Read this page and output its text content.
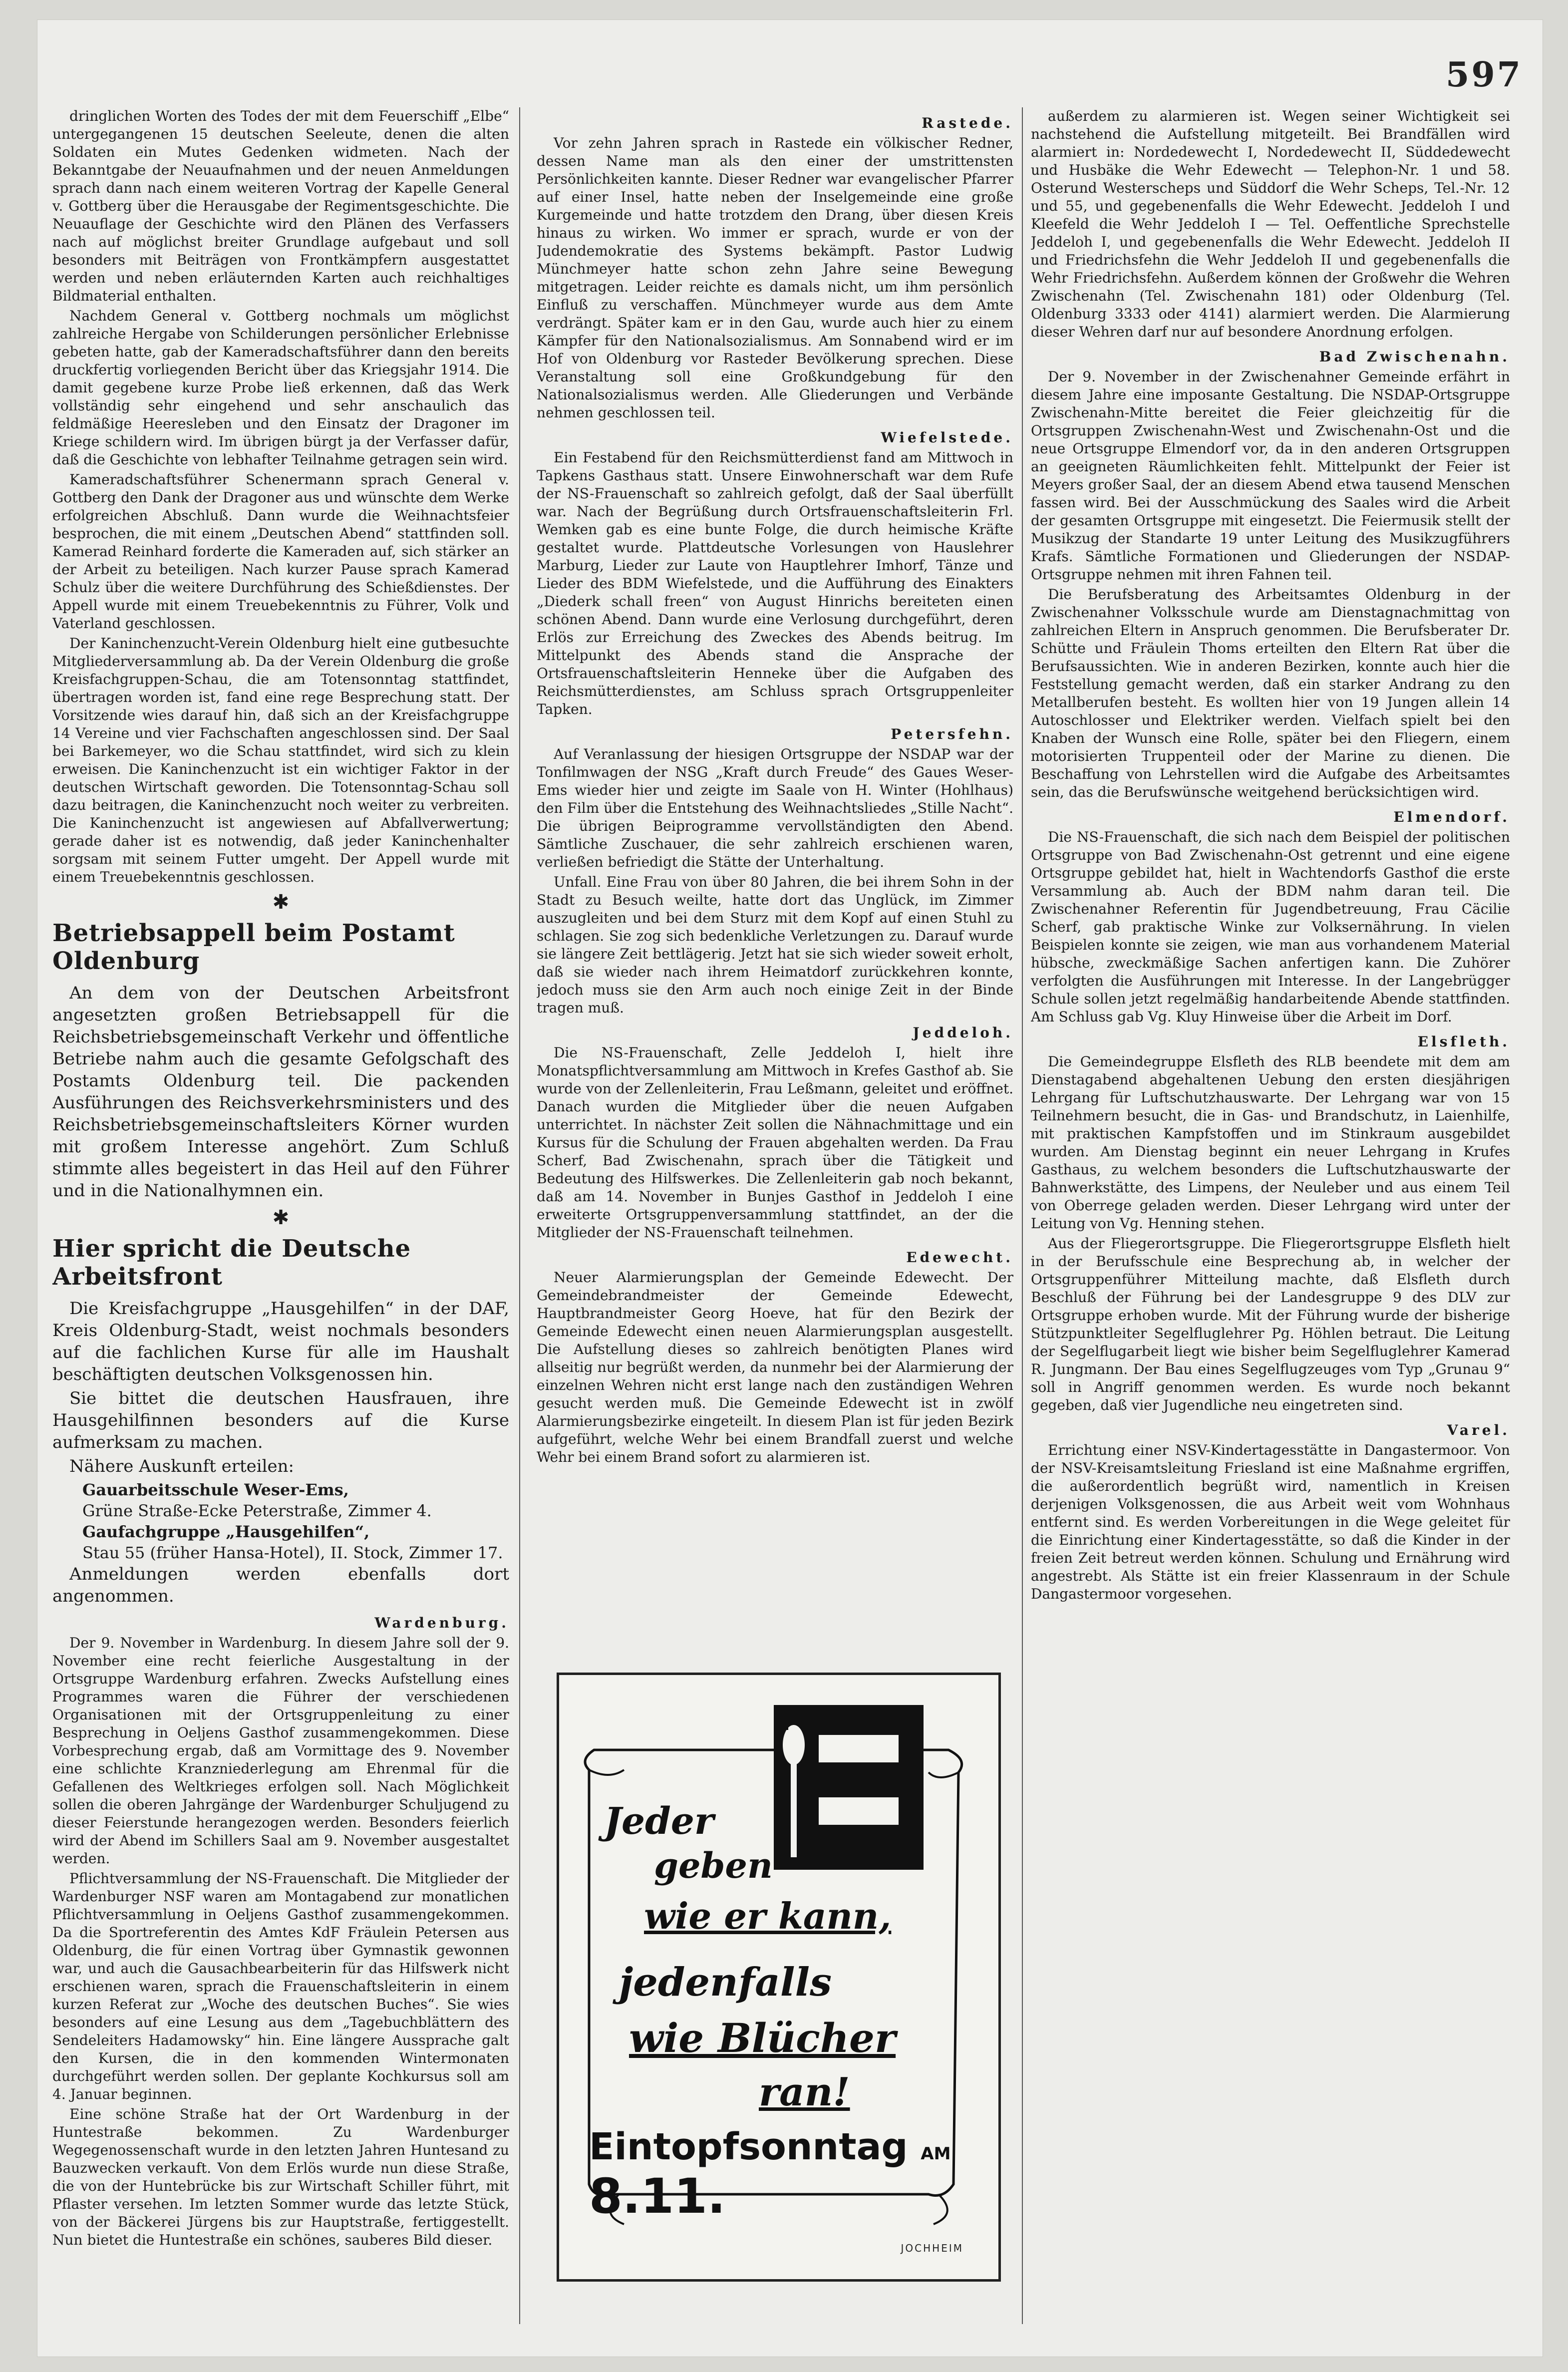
597

dringlichen Worten des Todes der mit dem Feuerschiff „Elbe“ untergegangenen 15 deutschen Seeleute, denen die alten Soldaten ein Mutes Gedenken widmeten. Nach der Bekanntgabe der Neuaufnahmen und der neuen Anmeldungen sprach dann nach einem weiteren Vortrag der Kapelle General v. Gottberg über die Herausgabe der Regimentsgeschichte. Die Neuauflage der Geschichte wird den Plänen des Verfassers nach auf möglichst breiter Grundlage aufgebaut und soll besonders mit Beiträgen von Frontkämpfern ausgestattet werden und neben erläuternden Karten auch reichhaltiges Bildmaterial enthalten.

Nachdem General v. Gottberg nochmals um möglichst zahlreiche Hergabe von Schilderungen persönlicher Erlebnisse gebeten hatte, gab der Kameradschaftsführer dann den bereits druckfertig vorliegenden Bericht über das Kriegsjahr 1914. Die damit gegebene kurze Probe ließ erkennen, daß das Werk vollständig sehr eingehend und sehr anschaulich das feldmäßige Heeresleben und den Einsatz der Dragoner im Kriege schildern wird. Im übrigen bürgt ja der Verfasser dafür, daß die Geschichte von lebhafter Teilnahme getragen sein wird.

Kameradschaftsführer Schenermann sprach General v. Gottberg den Dank der Dragoner aus und wünschte dem Werke erfolgreichen Abschluß. Dann wurde die Weihnachtsfeier besprochen, die mit einem „Deutschen Abend“ stattfinden soll. Kamerad Reinhard forderte die Kameraden auf, sich stärker an der Arbeit zu beteiligen. Nach kurzer Pause sprach Kamerad Schulz über die weitere Durchführung des Schießdienstes. Der Appell wurde mit einem Treuebekenntnis zu Führer, Volk und Vaterland geschlossen.

Der Kaninchenzucht-Verein Oldenburg hielt eine gutbesuchte Mitgliederversammlung ab. Da der Verein Oldenburg die große Kreisfachgruppen-Schau, die am Totensonntag stattfindet, übertragen worden ist, fand eine rege Besprechung statt. Der Vorsitzende wies darauf hin, daß sich an der Kreisfachgruppe 14 Vereine und vier Fachschaften angeschlossen sind. Der Saal bei Barkemeyer, wo die Schau stattfindet, wird sich zu klein erweisen. Die Kaninchenzucht ist ein wichtiger Faktor in der deutschen Wirtschaft geworden. Die Totensonntag-Schau soll dazu beitragen, die Kaninchenzucht noch weiter zu verbreiten. Die Kaninchenzucht ist angewiesen auf Abfallverwertung; gerade daher ist es notwendig, daß jeder Kaninchenhalter sorgsam mit seinem Futter umgeht. Der Appell wurde mit einem Treuebekenntnis geschlossen.

✱
Betriebsappell beim Postamt Oldenburg

An dem von der Deutschen Arbeitsfront angesetzten großen Betriebsappell für die Reichsbetriebsgemeinschaft Verkehr und öffentliche Betriebe nahm auch die gesamte Gefolgschaft des Postamts Oldenburg teil. Die packenden Ausführungen des Reichsverkehrsministers und des Reichsbetriebsgemeinschaftsleiters Körner wurden mit großem Interesse angehört. Zum Schluß stimmte alles begeistert in das Heil auf den Führer und in die Nationalhymnen ein.

✱
Hier spricht die Deutsche Arbeitsfront

Die Kreisfachgruppe „Hausgehilfen“ in der DAF, Kreis Oldenburg-Stadt, weist nochmals besonders auf die fachlichen Kurse für alle im Haushalt beschäftigten deutschen Volksgenossen hin.

Sie bittet die deutschen Hausfrauen, ihre Hausgehilfinnen besonders auf die Kurse aufmerksam zu machen.

Nähere Auskunft erteilen:

Gauarbeitsschule Weser-Ems,
Grüne Straße-Ecke Peterstraße, Zimmer 4.
Gaufachgruppe „Hausgehilfen“,
Stau 55 (früher Hansa-Hotel), II. Stock, Zimmer 17.

Anmeldungen werden ebenfalls dort angenommen.

Wardenburg.

Der 9. November in Wardenburg. In diesem Jahre soll der 9. November eine recht feierliche Ausgestaltung in der Ortsgruppe Wardenburg erfahren. Zwecks Aufstellung eines Programmes waren die Führer der verschiedenen Organisationen mit der Ortsgruppenleitung zu einer Besprechung in Oeljens Gasthof zusammengekommen. Diese Vorbesprechung ergab, daß am Vormittage des 9. November eine schlichte Kranzniederlegung am Ehrenmal für die Gefallenen des Weltkrieges erfolgen soll. Nach Möglichkeit sollen die oberen Jahrgänge der Wardenburger Schuljugend zu dieser Feierstunde herangezogen werden. Besonders feierlich wird der Abend im Schillers Saal am 9. November ausgestaltet werden.

Pflichtversammlung der NS-Frauenschaft. Die Mitglieder der Wardenburger NSF waren am Montagabend zur monatlichen Pflichtversammlung in Oeljens Gasthof zusammengekommen. Da die Sportreferentin des Amtes KdF Fräulein Petersen aus Oldenburg, die für einen Vortrag über Gymnastik gewonnen war, und auch die Gausachbearbeiterin für das Hilfswerk nicht erschienen waren, sprach die Frauenschaftsleiterin in einem kurzen Referat zur „Woche des deutschen Buches“. Sie wies besonders auf eine Lesung aus dem „Tagebuchblättern des Sendeleiters Hadamowsky“ hin. Eine längere Aussprache galt den Kursen, die in den kommenden Wintermonaten durchgeführt werden sollen. Der geplante Kochkursus soll am 4. Januar beginnen.

Eine schöne Straße hat der Ort Wardenburg in der Huntestraße bekommen. Zu Wardenburger Wegegenossenschaft wurde in den letzten Jahren Huntesand zu Bauzwecken verkauft. Von dem Erlös wurde nun diese Straße, die von der Huntebrücke bis zur Wirtschaft Schiller führt, mit Pflaster versehen. Im letzten Sommer wurde das letzte Stück, von der Bäckerei Jürgens bis zur Hauptstraße, fertiggestellt. Nun bietet die Huntestraße ein schönes, sauberes Bild dieser.

Rastede.

Vor zehn Jahren sprach in Rastede ein völkischer Redner, dessen Name man als den einer der umstrittensten Persönlichkeiten kannte. Dieser Redner war evangelischer Pfarrer auf einer Insel, hatte neben der Inselgemeinde eine große Kurgemeinde und hatte trotzdem den Drang, über diesen Kreis hinaus zu wirken. Wo immer er sprach, wurde er von der Judendemokratie des Systems bekämpft. Pastor Ludwig Münchmeyer hatte schon zehn Jahre seine Bewegung mitgetragen. Leider reichte es damals nicht, um ihm persönlich Einfluß zu verschaffen. Münchmeyer wurde aus dem Amte verdrängt. Später kam er in den Gau, wurde auch hier zu einem Kämpfer für den Nationalsozialismus. Am Sonnabend wird er im Hof von Oldenburg vor Rasteder Bevölkerung sprechen. Diese Veranstaltung soll eine Großkundgebung für den Nationalsozialismus werden. Alle Gliederungen und Verbände nehmen geschlossen teil.

Wiefelstede.

Ein Festabend für den Reichsmütterdienst fand am Mittwoch in Tapkens Gasthaus statt. Unsere Einwohnerschaft war dem Rufe der NS-Frauenschaft so zahlreich gefolgt, daß der Saal überfüllt war. Nach der Begrüßung durch Ortsfrauenschaftsleiterin Frl. Wemken gab es eine bunte Folge, die durch heimische Kräfte gestaltet wurde. Plattdeutsche Vorlesungen von Hauslehrer Marburg, Lieder zur Laute von Hauptlehrer Imhorf, Tänze und Lieder des BDM Wiefelstede, und die Aufführung des Einakters „Diederk schall freen“ von August Hinrichs bereiteten einen schönen Abend. Dann wurde eine Verlosung durchgeführt, deren Erlös zur Erreichung des Zweckes des Abends beitrug. Im Mittelpunkt des Abends stand die Ansprache der Ortsfrauenschaftsleiterin Henneke über die Aufgaben des Reichsmütterdienstes, am Schluss sprach Ortsgruppenleiter Tapken.

Petersfehn.

Auf Veranlassung der hiesigen Ortsgruppe der NSDAP war der Tonfilmwagen der NSG „Kraft durch Freude“ des Gaues Weser-Ems wieder hier und zeigte im Saale von H. Winter (Hohlhaus) den Film über die Entstehung des Weihnachtsliedes „Stille Nacht“. Die übrigen Beiprogramme vervollständigten den Abend. Sämtliche Zuschauer, die sehr zahlreich erschienen waren, verließen befriedigt die Stätte der Unterhaltung.

Unfall. Eine Frau von über 80 Jahren, die bei ihrem Sohn in der Stadt zu Besuch weilte, hatte dort das Unglück, im Zimmer auszugleiten und bei dem Sturz mit dem Kopf auf einen Stuhl zu schlagen. Sie zog sich bedenkliche Verletzungen zu. Darauf wurde sie längere Zeit bettlägerig. Jetzt hat sie sich wieder soweit erholt, daß sie wieder nach ihrem Heimatdorf zurückkehren konnte, jedoch muss sie den Arm auch noch einige Zeit in der Binde tragen muß.

Jeddeloh.

Die NS-Frauenschaft, Zelle Jeddeloh I, hielt ihre Monatspflichtversammlung am Mittwoch in Krefes Gasthof ab. Sie wurde von der Zellenleiterin, Frau Leßmann, geleitet und eröffnet. Danach wurden die Mitglieder über die neuen Aufgaben unterrichtet. In nächster Zeit sollen die Nähnachmittage und ein Kursus für die Schulung der Frauen abgehalten werden. Da Frau Scherf, Bad Zwischenahn, sprach über die Tätigkeit und Bedeutung des Hilfswerkes. Die Zellenleiterin gab noch bekannt, daß am 14. November in Bunjes Gasthof in Jeddeloh I eine erweiterte Ortsgruppenversammlung stattfindet, an der die Mitglieder der NS-Frauenschaft teilnehmen.

Edewecht.

Neuer Alarmierungsplan der Gemeinde Edewecht. Der Gemeindebrandmeister der Gemeinde Edewecht, Hauptbrandmeister Georg Hoeve, hat für den Bezirk der Gemeinde Edewecht einen neuen Alarmierungsplan ausgestellt. Die Aufstellung dieses so zahlreich benötigten Planes wird allseitig nur begrüßt werden, da nunmehr bei der Alarmierung der einzelnen Wehren nicht erst lange nach den zuständigen Wehren gesucht werden muß. Die Gemeinde Edewecht ist in zwölf Alarmierungsbezirke eingeteilt. In diesem Plan ist für jeden Bezirk aufgeführt, welche Wehr bei einem Brandfall zuerst und welche Wehr bei einem Brand sofort zu alarmieren ist.

Jeder
geben
wie er kann,
jedenfalls
wie Blücher
ran!
Eintopfsonntag AM 8.11.
JOCHHEIM

außerdem zu alarmieren ist. Wegen seiner Wichtigkeit sei nachstehend die Aufstellung mitgeteilt. Bei Brandfällen wird alarmiert in: Nordedewecht I, Nordedewecht II, Süddedewecht und Husbäke die Wehr Edewecht — Telephon-Nr. 1 und 58. Osterund Westerscheps und Süddorf die Wehr Scheps, Tel.-Nr. 12 und 55, und gegebenenfalls die Wehr Edewecht. Jeddeloh I und Kleefeld die Wehr Jeddeloh I — Tel. Oeffentliche Sprechstelle Jeddeloh I, und gegebenenfalls die Wehr Edewecht. Jeddeloh II und Friedrichsfehn die Wehr Jeddeloh II und gegebenenfalls die Wehr Friedrichsfehn. Außerdem können der Großwehr die Wehren Zwischenahn (Tel. Zwischenahn 181) oder Oldenburg (Tel. Oldenburg 3333 oder 4141) alarmiert werden. Die Alarmierung dieser Wehren darf nur auf besondere Anordnung erfolgen.

Bad Zwischenahn.

Der 9. November in der Zwischenahner Gemeinde erfährt in diesem Jahre eine imposante Gestaltung. Die NSDAP-Ortsgruppe Zwischenahn-Mitte bereitet die Feier gleichzeitig für die Ortsgruppen Zwischenahn-West und Zwischenahn-Ost und die neue Ortsgruppe Elmendorf vor, da in den anderen Ortsgruppen an geeigneten Räumlichkeiten fehlt. Mittelpunkt der Feier ist Meyers großer Saal, der an diesem Abend etwa tausend Menschen fassen wird. Bei der Ausschmückung des Saales wird die Arbeit der gesamten Ortsgruppe mit eingesetzt. Die Feiermusik stellt der Musikzug der Standarte 19 unter Leitung des Musikzugführers Krafs. Sämtliche Formationen und Gliederungen der NSDAP-Ortsgruppe nehmen mit ihren Fahnen teil.

Die Berufsberatung des Arbeitsamtes Oldenburg in der Zwischenahner Volksschule wurde am Dienstagnachmittag von zahlreichen Eltern in Anspruch genommen. Die Berufsberater Dr. Schütte und Fräulein Thoms erteilten den Eltern Rat über die Berufsaussichten. Wie in anderen Bezirken, konnte auch hier die Feststellung gemacht werden, daß ein starker Andrang zu den Metallberufen besteht. Es wollten hier von 19 Jungen allein 14 Autoschlosser und Elektriker werden. Vielfach spielt bei den Knaben der Wunsch eine Rolle, später bei den Fliegern, einem motorisierten Truppenteil oder der Marine zu dienen. Die Beschaffung von Lehrstellen wird die Aufgabe des Arbeitsamtes sein, das die Berufswünsche weitgehend berücksichtigen wird.

Elmendorf.

Die NS-Frauenschaft, die sich nach dem Beispiel der politischen Ortsgruppe von Bad Zwischenahn-Ost getrennt und eine eigene Ortsgruppe gebildet hat, hielt in Wachtendorfs Gasthof die erste Versammlung ab. Auch der BDM nahm daran teil. Die Zwischenahner Referentin für Jugendbetreuung, Frau Cäcilie Scherf, gab praktische Winke zur Volksernährung. In vielen Beispielen konnte sie zeigen, wie man aus vorhandenem Material hübsche, zweckmäßige Sachen anfertigen kann. Die Zuhörer verfolgten die Ausführungen mit Interesse. In der Langebrügger Schule sollen jetzt regelmäßig handarbeitende Abende stattfinden. Am Schluss gab Vg. Kluy Hinweise über die Arbeit im Dorf.

Elsfleth.

Die Gemeindegruppe Elsfleth des RLB beendete mit dem am Dienstagabend abgehaltenen Uebung den ersten diesjährigen Lehrgang für Luftschutzhauswarte. Der Lehrgang war von 15 Teilnehmern besucht, die in Gas- und Brandschutz, in Laienhilfe, mit praktischen Kampfstoffen und im Stinkraum ausgebildet wurden. Am Dienstag beginnt ein neuer Lehrgang in Krufes Gasthaus, zu welchem besonders die Luftschutzhauswarte der Bahnwerkstätte, des Limpens, der Neuleber und aus einem Teil von Oberrege geladen werden. Dieser Lehrgang wird unter der Leitung von Vg. Henning stehen.

Aus der Fliegerortsgruppe. Die Fliegerortsgruppe Elsfleth hielt in der Berufsschule eine Besprechung ab, in welcher der Ortsgruppenführer Mitteilung machte, daß Elsfleth durch Beschluß der Führung bei der Landesgruppe 9 des DLV zur Ortsgruppe erhoben wurde. Mit der Führung wurde der bisherige Stützpunktleiter Segelfluglehrer Pg. Höhlen betraut. Die Leitung der Segelflugarbeit liegt wie bisher beim Segelfluglehrer Kamerad R. Jungmann. Der Bau eines Segelflugzeuges vom Typ „Grunau 9“ soll in Angriff genommen werden. Es wurde noch bekannt gegeben, daß vier Jugendliche neu eingetreten sind.

Varel.

Errichtung einer NSV-Kindertagesstätte in Dangastermoor. Von der NSV-Kreisamtsleitung Friesland ist eine Maßnahme ergriffen, die außerordentlich begrüßt wird, namentlich in Kreisen derjenigen Volksgenossen, die aus Arbeit weit vom Wohnhaus entfernt sind. Es werden Vorbereitungen in die Wege geleitet für die Einrichtung einer Kindertagesstätte, so daß die Kinder in der freien Zeit betreut werden können. Schulung und Ernährung wird angestrebt. Als Stätte ist ein freier Klassenraum in der Schule Dangastermoor vorgesehen.
